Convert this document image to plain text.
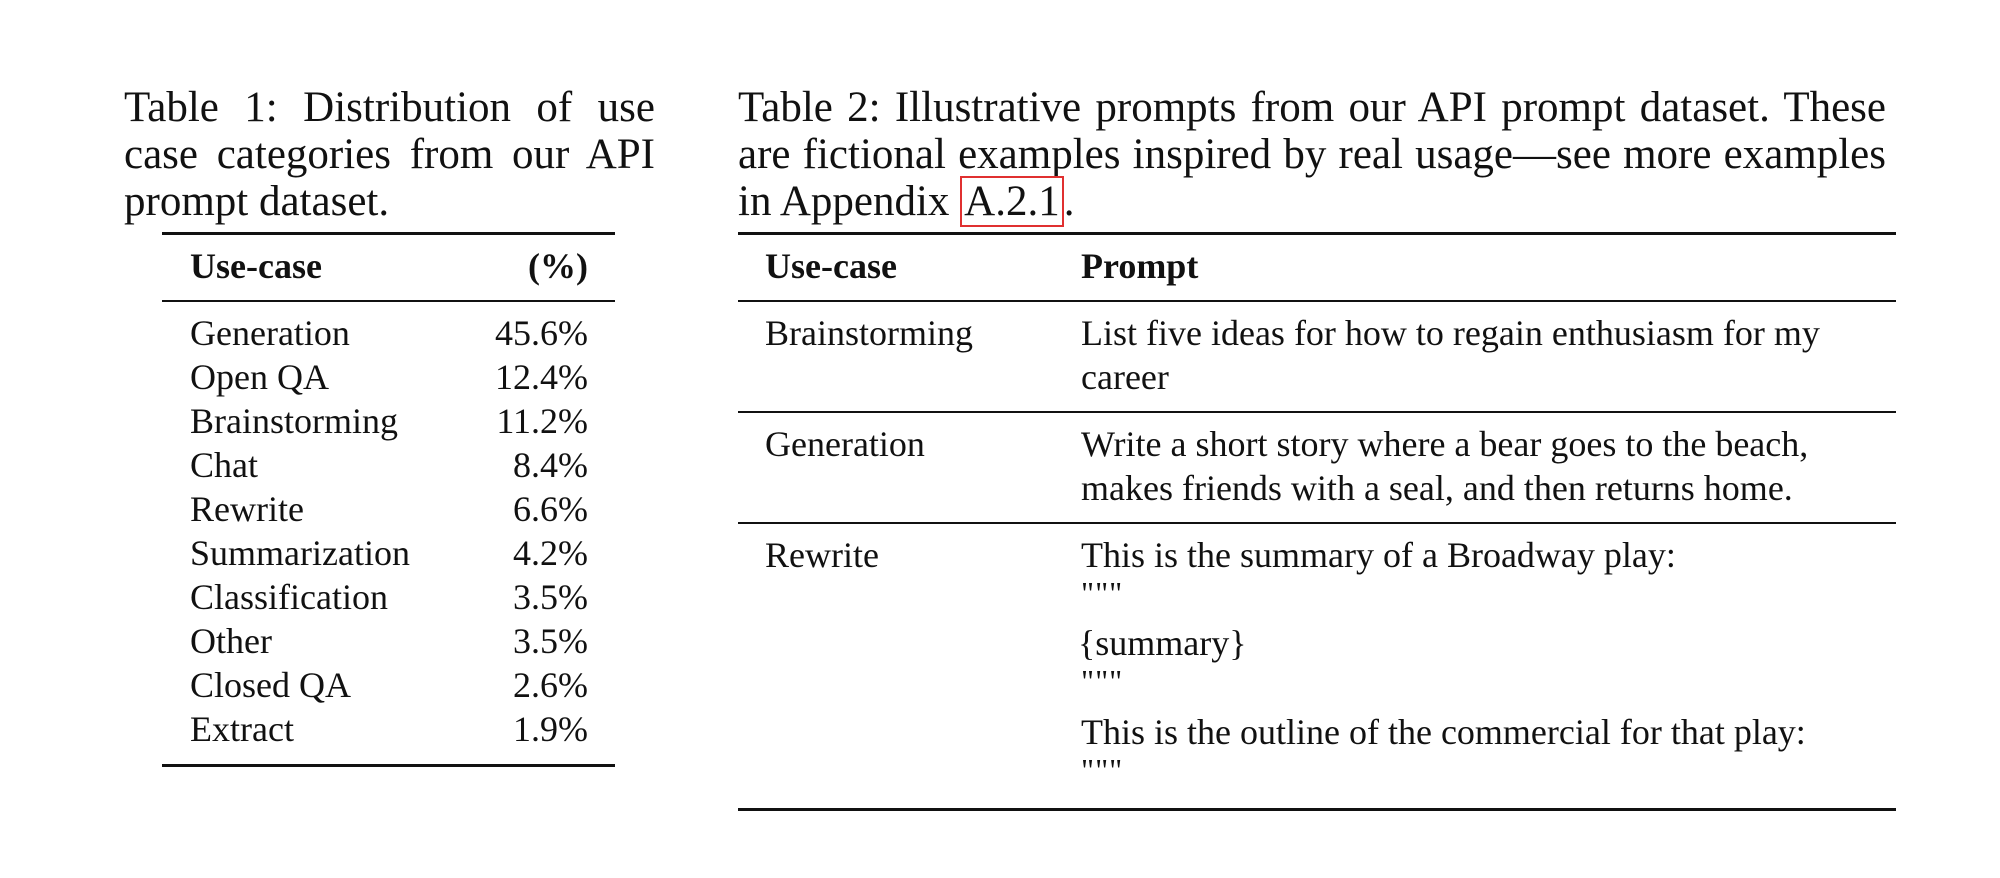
Table 1: Distribution of use case categories from our API prompt dataset.

Use-case	(%)
Generation	45.6%
Open QA	12.4%
Brainstorming	11.2%
Chat	8.4%
Rewrite	6.6%
Summarization	4.2%
Classification	3.5%
Other	3.5%
Closed QA	2.6%
Extract	1.9%

Table 2: Illustrative prompts from our API prompt dataset. These are fictional examples inspired by real usage—see more examples in Appendix A.2.1.

Use-case	Prompt
Brainstorming	List five ideas for how to regain enthusiasm for my
career
Generation	Write a short story where a bear goes to the beach,
makes friends with a seal, and then returns home.
Rewrite	This is the summary of a Broadway play:
"""
{summary}
"""
This is the outline of the commercial for that play:
"""
